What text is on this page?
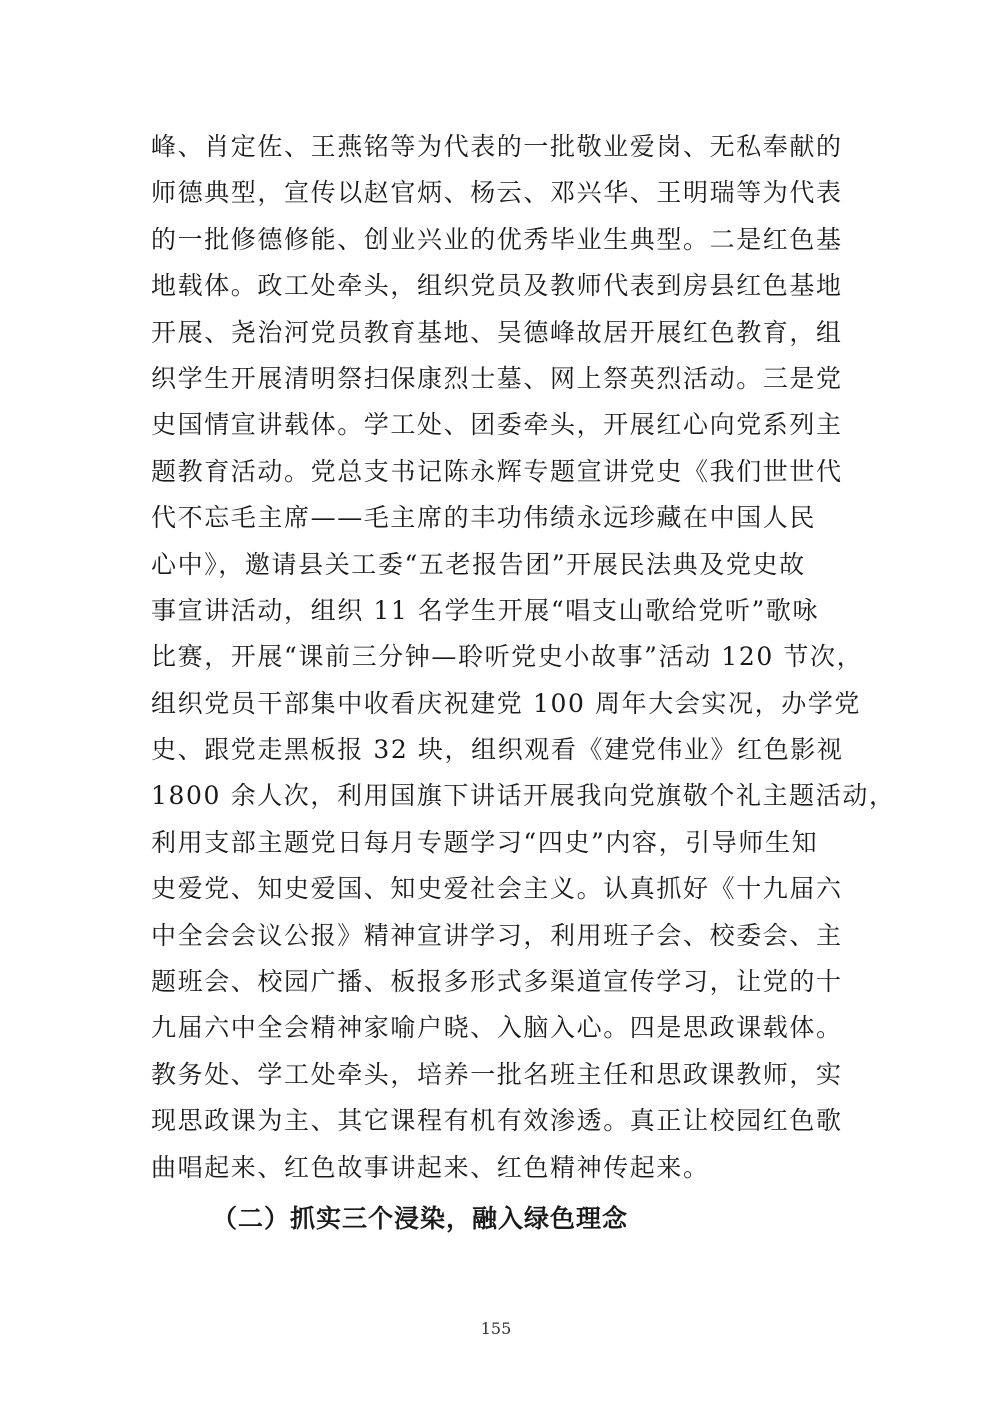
峰、肖定佐、王燕铭等为代表的一批敬业爱岗、无私奉献的
师德典型，宣传以赵官炳、杨云、邓兴华、王明瑞等为代表
的一批修德修能、创业兴业的优秀毕业生典型。二是红色基
地载体。政工处牵头，组织党员及教师代表到房县红色基地
开展、尧治河党员教育基地、吴德峰故居开展红色教育，组
织学生开展清明祭扫保康烈士墓、网上祭英烈活动。三是党
史国情宣讲载体。学工处、团委牵头，开展红心向党系列主
题教育活动。党总支书记陈永辉专题宣讲党史《我们世世代
代不忘毛主席——毛主席的丰功伟绩永远珍藏在中国人民
心中》，邀请县关工委“五老报告团”开展民法典及党史故
事宣讲活动，组织 11 名学生开展“唱支山歌给党听”歌咏
比赛，开展“课前三分钟—聆听党史小故事”活动 120 节次，
组织党员干部集中收看庆祝建党 100 周年大会实况，办学党
史、跟党走黑板报 32 块，组织观看《建党伟业》红色影视
1800 余人次，利用国旗下讲话开展我向党旗敬个礼主题活动，
利用支部主题党日每月专题学习“四史”内容，引导师生知
史爱党、知史爱国、知史爱社会主义。认真抓好《十九届六
中全会会议公报》精神宣讲学习，利用班子会、校委会、主
题班会、校园广播、板报多形式多渠道宣传学习，让党的十
九届六中全会精神家喻户晓、入脑入心。四是思政课载体。
教务处、学工处牵头，培养一批名班主任和思政课教师，实
现思政课为主、其它课程有机有效渗透。真正让校园红色歌
曲唱起来、红色故事讲起来、红色精神传起来。
（二）抓实三个浸染，融入绿色理念
155
